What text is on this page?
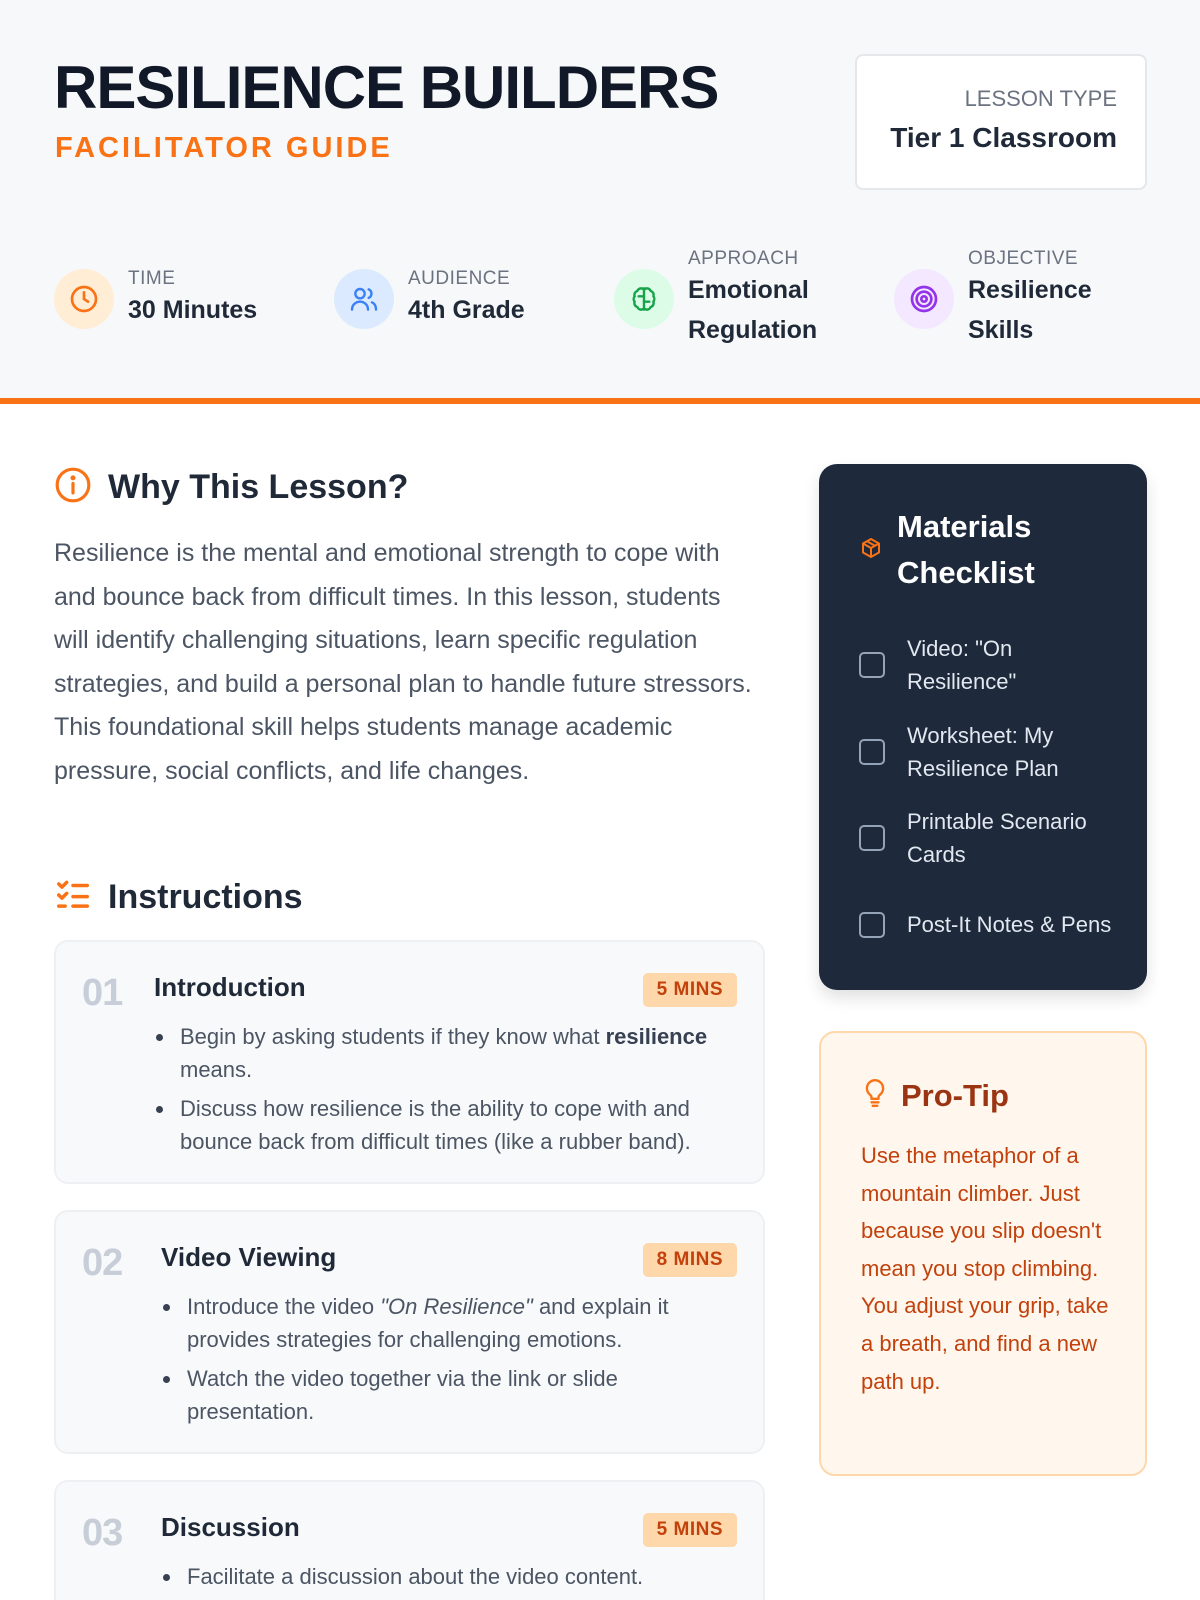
RESILIENCE BUILDERS
FACILITATOR GUIDE
LESSON TYPE
Tier 1 Classroom
TIME
30 Minutes
AUDIENCE
4th Grade
APPROACH
Emotional Regulation
OBJECTIVE
Resilience Skills
Why This Lesson?
Resilience is the mental and emotional strength to cope with and bounce back from difficult times. In this lesson, students will identify challenging situations, learn specific regulation strategies, and build a personal plan to handle future stressors. This foundational skill helps students manage academic pressure, social conflicts, and life changes.
Instructions
01 Introduction	5 MINS
Begin by asking students if they know what resilience means.
Discuss how resilience is the ability to cope with and bounce back from difficult times (like a rubber band).
02 Video Viewing	8 MINS
Introduce the video "On Resilience" and explain it provides strategies for challenging emotions.
Watch the video together via the link or slide presentation.
03 Discussion	5 MINS
Facilitate a discussion about the video content.
Materials Checklist
Video: "On Resilience"
Worksheet: My Resilience Plan
Printable Scenario Cards
Post-It Notes & Pens
Pro-Tip
Use the metaphor of a mountain climber. Just because you slip doesn't mean you stop climbing. You adjust your grip, take a breath, and find a new path up.
